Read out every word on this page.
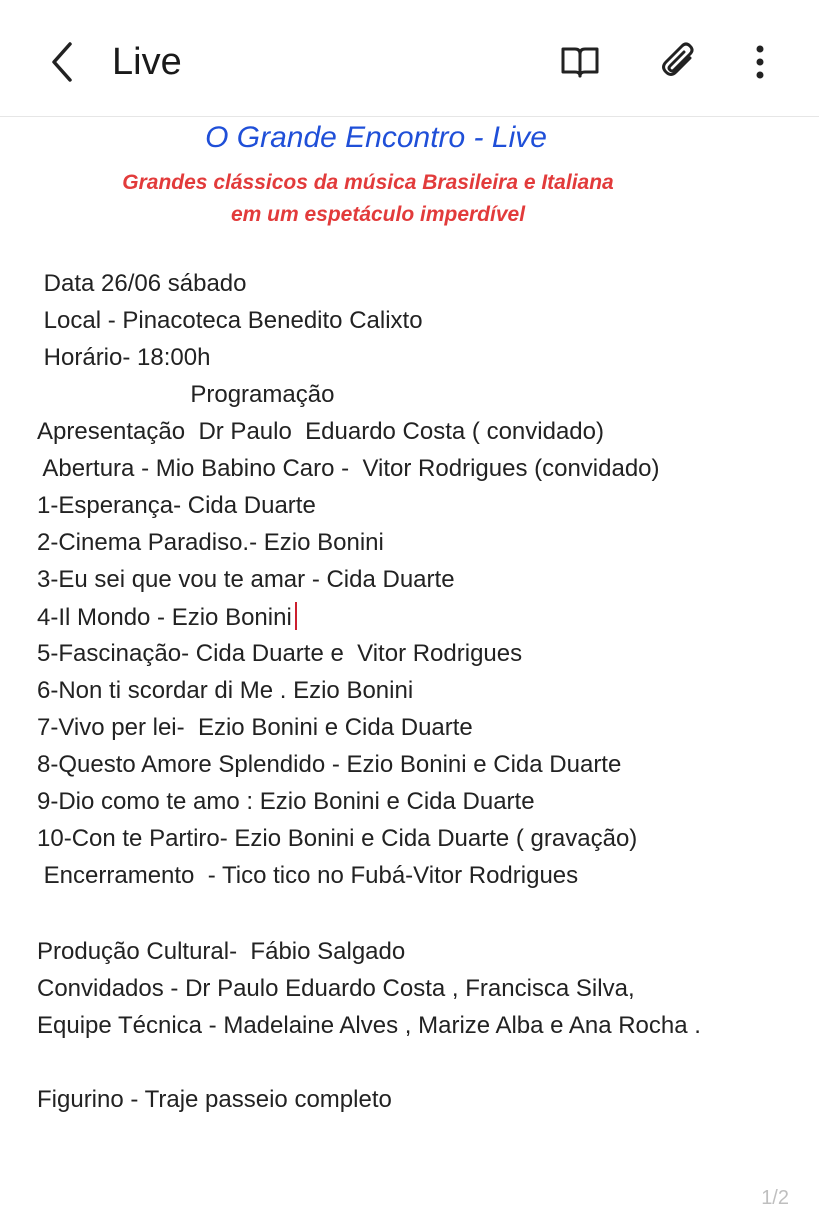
Live
O Grande Encontro - Live
Grandes clássicos da música Brasileira e Italiana
em um espetáculo imperdível
Data 26/06 sábado
Local - Pinacoteca Benedito Calixto
Horário- 18:00h
Programação
Apresentação  Dr Paulo  Eduardo Costa ( convidado)
Abertura - Mio Babino Caro -  Vitor Rodrigues (convidado)
1-Esperança- Cida Duarte
2-Cinema Paradiso.- Ezio Bonini
3-Eu sei que vou te amar - Cida Duarte
4-Il Mondo - Ezio Bonini
5-Fascinação- Cida Duarte e  Vitor Rodrigues
6-Non ti scordar di Me . Ezio Bonini
7-Vivo per lei-  Ezio Bonini e Cida Duarte
8-Questo Amore Splendido - Ezio Bonini e Cida Duarte
9-Dio como te amo : Ezio Bonini e Cida Duarte
10-Con te Partiro- Ezio Bonini e Cida Duarte ( gravação)
Encerramento  - Tico tico no Fubá-Vitor Rodrigues
Produção Cultural-  Fábio Salgado
Convidados - Dr Paulo Eduardo Costa , Francisca Silva,
Equipe Técnica - Madelaine Alves , Marize Alba e Ana Rocha .
Figurino - Traje passeio completo
1/2
